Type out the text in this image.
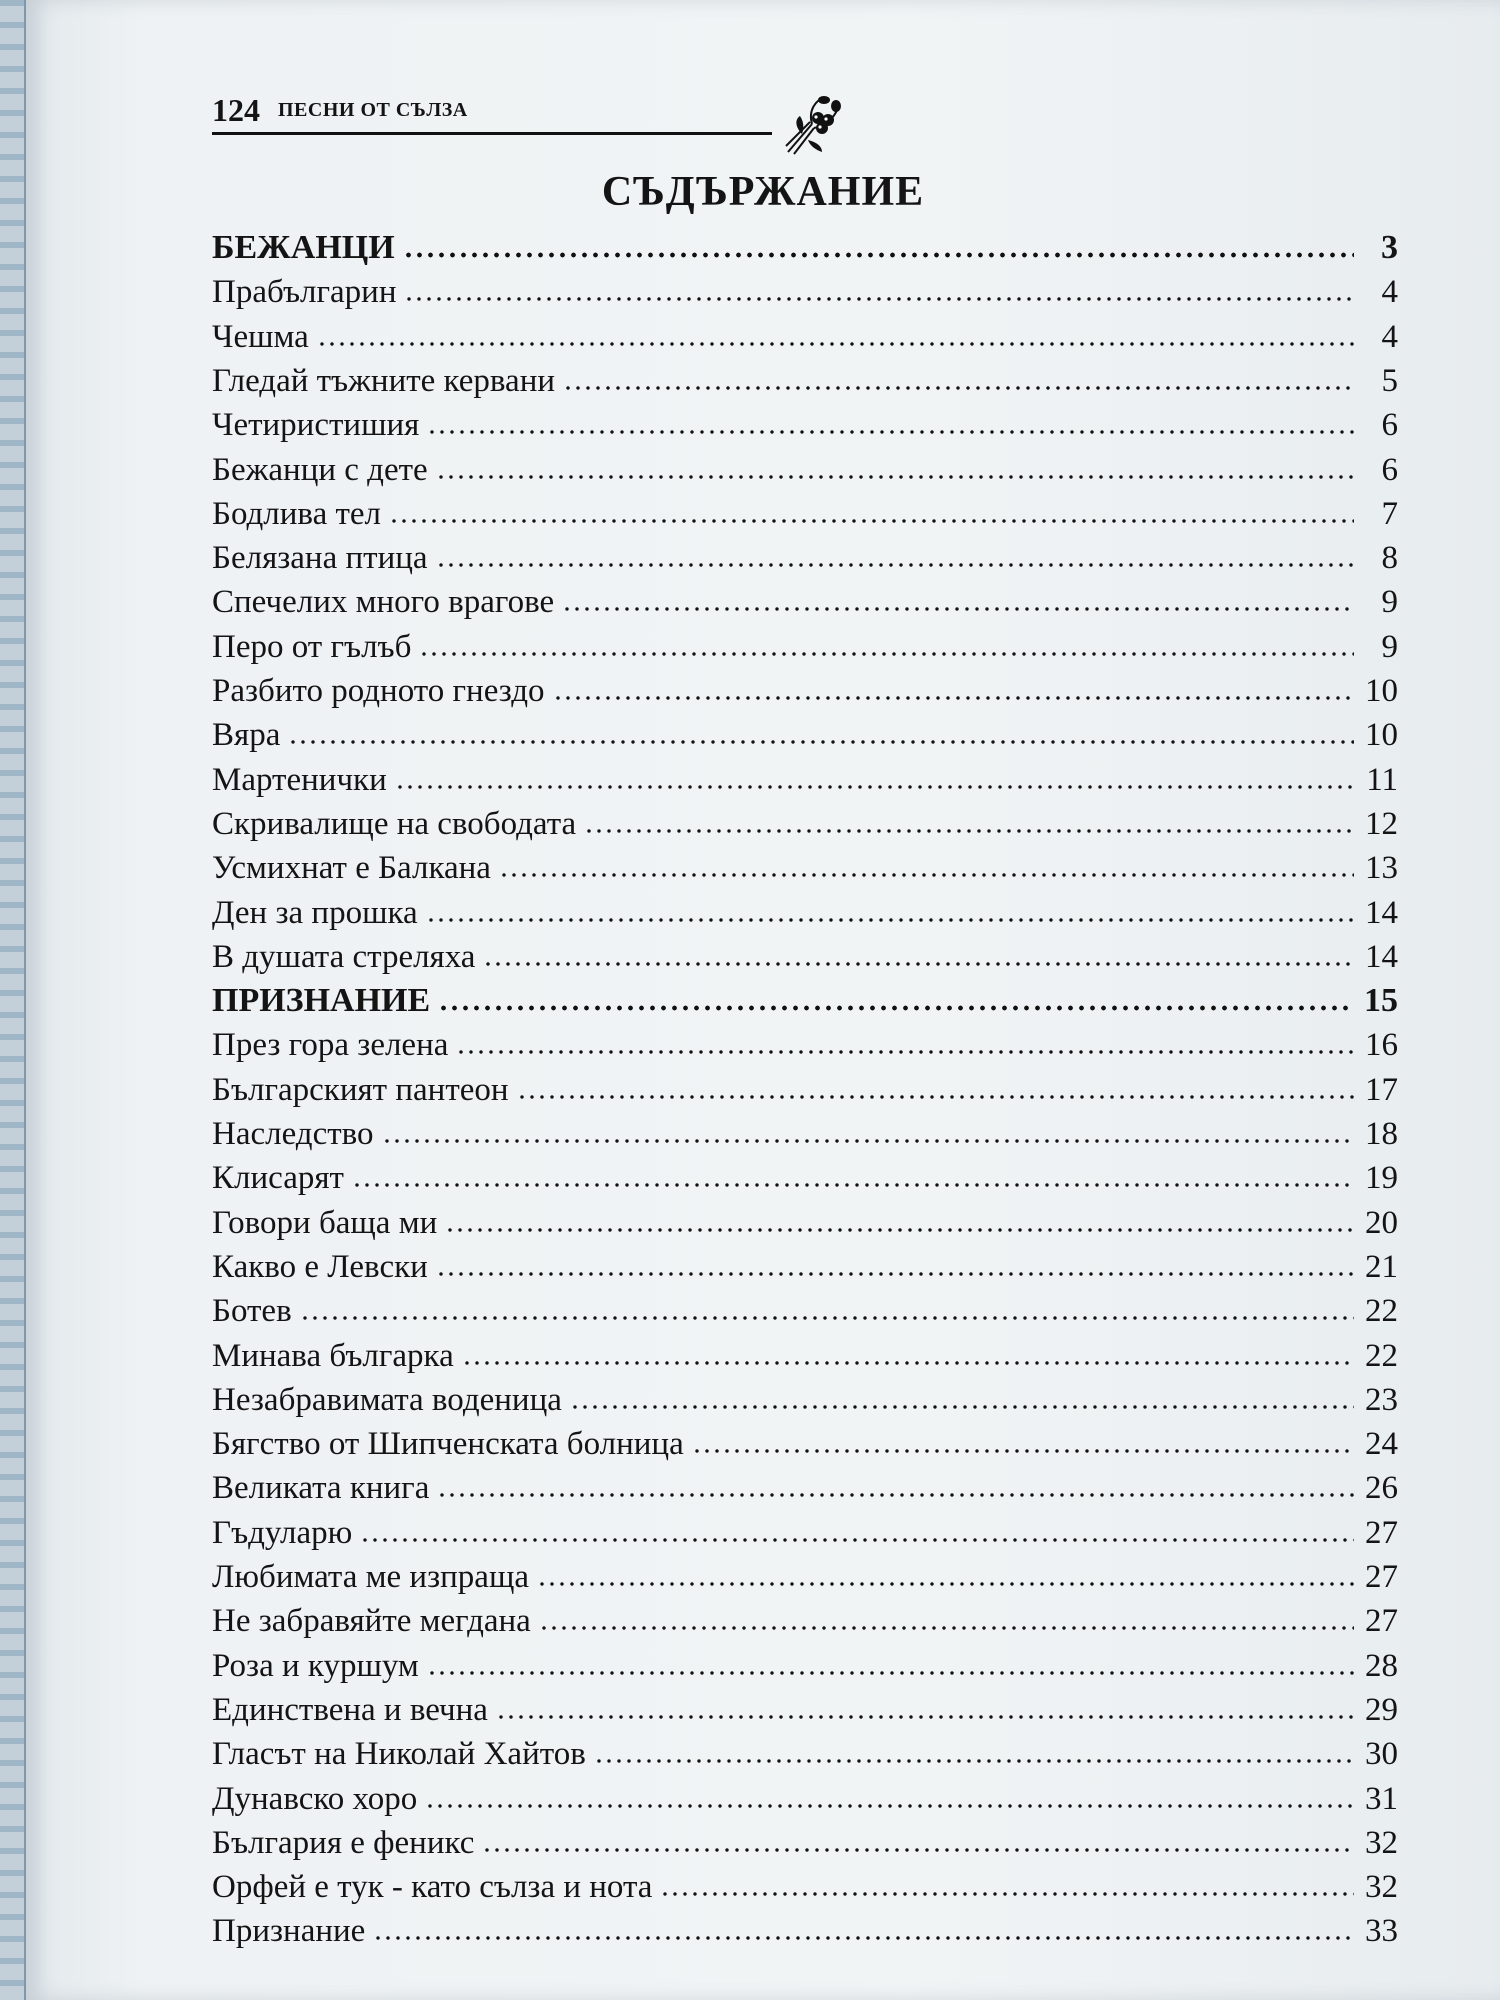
124 ПЕСНИ ОТ СЪЛЗА
СЪДЪРЖАНИЕ
БЕЖАНЦИ	3
Прабългарин	4
Чешма	4
Гледай тъжните кервани	5
Четиристишия	6
Бежанци с дете	6
Бодлива тел	7
Белязана птица	8
Спечелих много врагове	9
Перо от гълъб	9
Разбито родното гнездо	10
Вяра	10
Мартенички	11
Скривалище на свободата	12
Усмихнат е Балкана	13
Ден за прошка	14
В душата стреляха	14
ПРИЗНАНИЕ	15
През гора зелена	16
Българският пантеон	17
Наследство	18
Клисарят	19
Говори баща ми	20
Какво е Левски	21
Ботев	22
Минава българка	22
Незабравимата воденица	23
Бягство от Шипченската болница	24
Великата книга	26
Гъдуларю	27
Любимата ме изпраща	27
Не забравяйте мегдана	27
Роза и куршум	28
Единствена и вечна	29
Гласът на Николай Хайтов	30
Дунавско хоро	31
България е феникс	32
Орфей е тук - като сълза и нота	32
Признание	33
